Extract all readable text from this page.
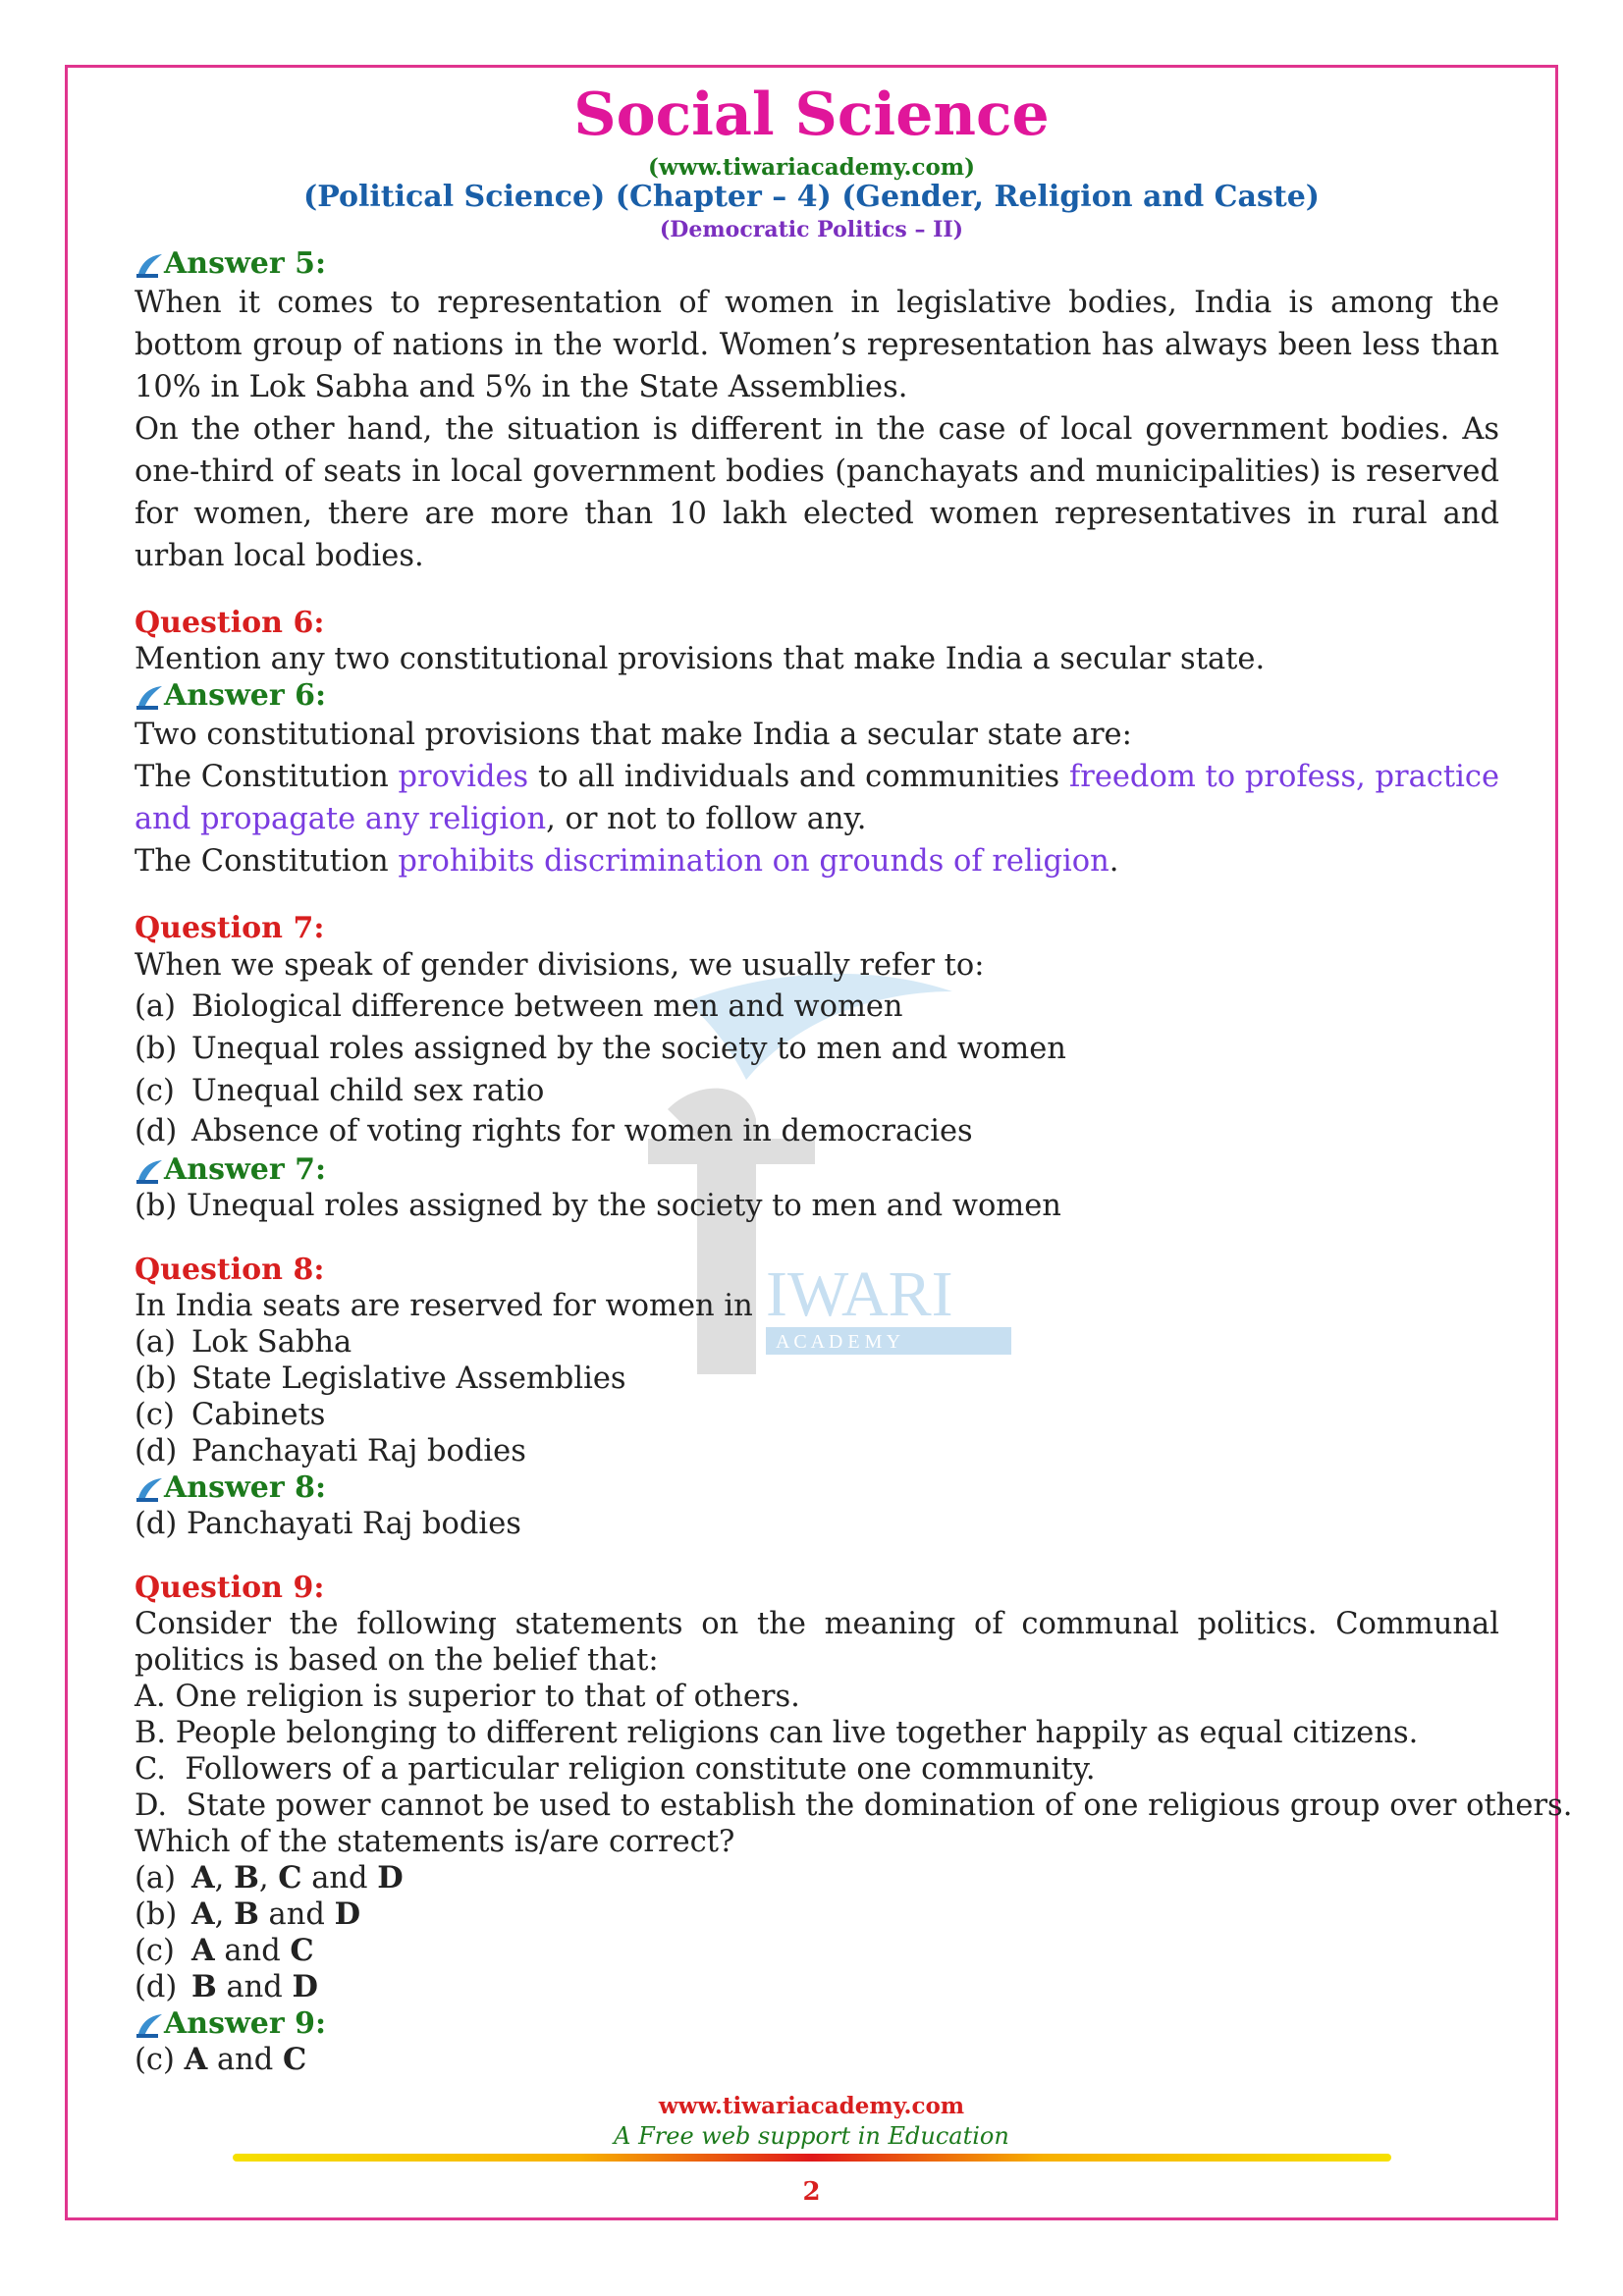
Social Science
(www.tiwariacademy.com)
(Political Science) (Chapter – 4) (Gender, Religion and Caste)
(Democratic Politics – II)
IWARI
A C A D E M Y
Answer 5:

When it comes to representation of women in legislative bodies, India is among the bottom group of nations in the world. Women’s representation has always been less than 10% in Lok Sabha and 5% in the State Assemblies.

On the other hand, the situation is different in the case of local government bodies. As one-third of seats in local government bodies (panchayats and municipalities) is reserved for women, there are more than 10 lakh elected women representatives in rural and urban local bodies.

Question 6:

Mention any two constitutional provisions that make India a secular state.

Answer 6:

Two constitutional provisions that make India a secular state are:

The Constitution provides to all individuals and communities freedom to profess, practice and propagate any religion, or not to follow any.

The Constitution prohibits discrimination on grounds of religion.

Question 7:

When we speak of gender divisions, we usually refer to:

(a) Biological difference between men and women
(b) Unequal roles assigned by the society to men and women
(c) Unequal child sex ratio
(d) Absence of voting rights for women in democracies
Answer 7:

(b) Unequal roles assigned by the society to men and women

Question 8:

In India seats are reserved for women in

(a) Lok Sabha
(b) State Legislative Assemblies
(c) Cabinets
(d) Panchayati Raj bodies
Answer 8:

(d) Panchayati Raj bodies

Question 9:

Consider the following statements on the meaning of communal politics. Communal politics is based on the belief that:

A. One religion is superior to that of others.

B. People belonging to different religions can live together happily as equal citizens.

C.  Followers of a particular religion constitute one community.

D.  State power cannot be used to establish the domination of one religious group over others.

Which of the statements is/are correct?

(a) A, B, C and D
(b) A, B and D
(c) A and C
(d) B and D
Answer 9:

(c) A and C

www.tiwariacademy.com
A Free web support in Education
2
